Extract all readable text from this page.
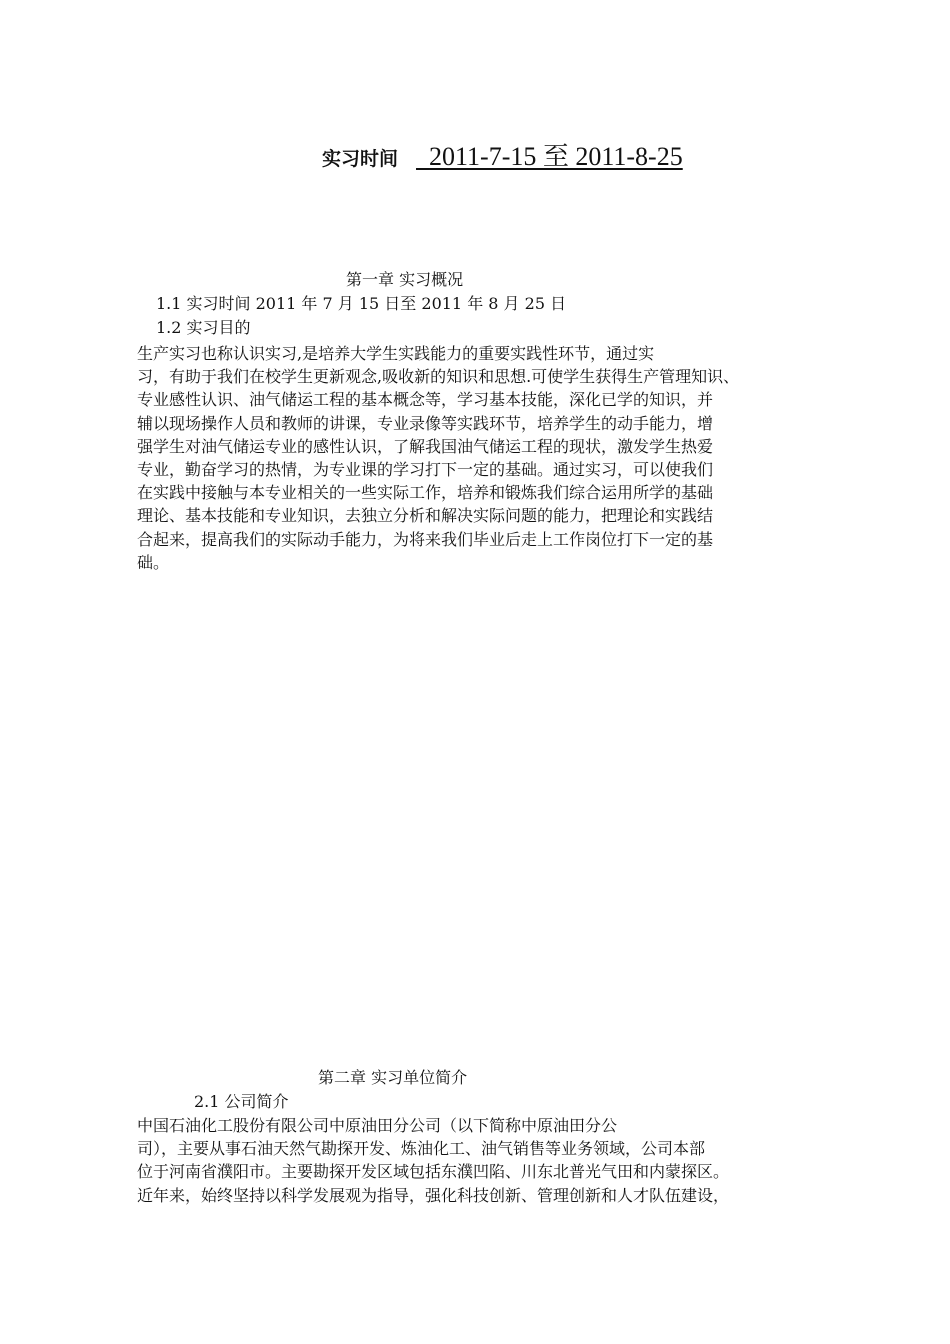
实习时间 2011-7-15 至 2011-8-25
第一章 实习概况
1.1 实习时间 2011 年 7 月 15 日至 2011 年 8 月 25 日
1.2 实习目的
生产实习也称认识实习,是培养大学生实践能力的重要实践性环节，通过实
习，有助于我们在校学生更新观念,吸收新的知识和思想.可使学生获得生产管理知识、
专业感性认识、油气储运工程的基本概念等，学习基本技能，深化已学的知识，并
辅以现场操作人员和教师的讲课，专业录像等实践环节，培养学生的动手能力，增
强学生对油气储运专业的感性认识，了解我国油气储运工程的现状，激发学生热爱
专业，勤奋学习的热情，为专业课的学习打下一定的基础。通过实习，可以使我们
在实践中接触与本专业相关的一些实际工作，培养和锻炼我们综合运用所学的基础
理论、基本技能和专业知识，去独立分析和解决实际问题的能力，把理论和实践结
合起来，提高我们的实际动手能力，为将来我们毕业后走上工作岗位打下一定的基
础。
第二章 实习单位简介
2.1 公司简介
中国石油化工股份有限公司中原油田分公司（以下简称中原油田分公
司），主要从事石油天然气勘探开发、炼油化工、油气销售等业务领域，公司本部
位于河南省濮阳市。主要勘探开发区域包括东濮凹陷、川东北普光气田和内蒙探区。
近年来，始终坚持以科学发展观为指导，强化科技创新、管理创新和人才队伍建设，
